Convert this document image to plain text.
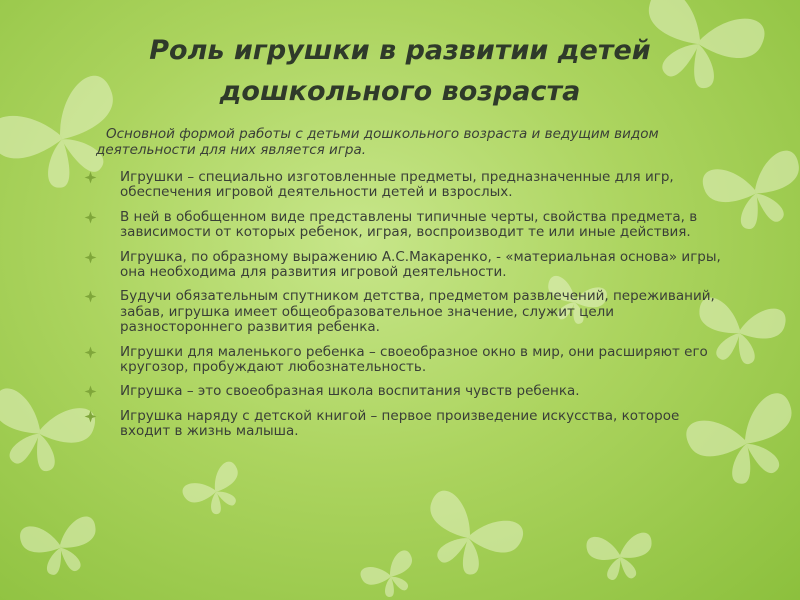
Роль игрушки в развитии детей
дошкольного возраста

Основной формой работы с детьми дошкольного возраста и ведущим видом деятельности для них является игра.

Игрушки – специально изготовленные предметы, предназначенные для игр, обеспечения игровой деятельности детей и взрослых.
В ней в обобщенном виде представлены типичные черты, свойства предмета, в зависимости от которых ребенок, играя, воспроизводит те или иные действия.
Игрушка, по образному выражению А.С.Макаренко, - «материальная основа» игры, она необходима для развития игровой деятельности.
Будучи обязательным спутником детства, предметом развлечений, переживаний, забав, игрушка имеет общеобразовательное значение, служит цели разностороннего развития ребенка.
Игрушки для маленького ребенка – своеобразное окно в мир, они расширяют его кругозор, пробуждают любознательность.
Игрушка – это своеобразная школа воспитания чувств ребенка.
Игрушка наряду с детской книгой – первое произведение искусства, которое входит в жизнь малыша.
